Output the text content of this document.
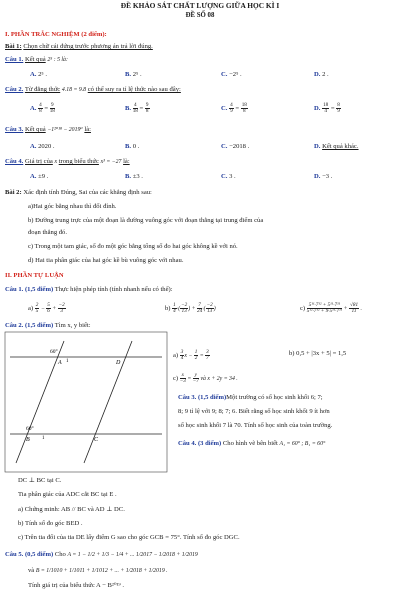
ĐỀ KHẢO SÁT CHẤT LƯỢNG GIỮA HỌC KÌ I
ĐỀ SỐ 08
I. PHẦN TRẮC NGHIỆM (2 điểm):
Bài 1: Chọn chữ cái đứng trước phương án trả lời đúng.
Câu 1. Kết quả 2⁵ : 5 là:
A. 2⁵ .	B. 2⁵ .	C. −2⁵ .	D. 2 .
Câu 2. Từ đẳng thức 4.18 = 9.8 có thể suy ra tỉ lệ thức nào sau đây:
A. $\frac{4}{8} = \frac{9}{18}$	B. $\frac{4}{18} = \frac{9}{8}$	C. $\frac{4}{9} = \frac{18}{8}$	D. $\frac{18}{4} = \frac{8}{9}$
Câu 3. Kết quả −1²⁰¹⁸ − 2019⁰ là:
A. 2020 .	B. 0 .	C. −2018 .	D. Kết quả khác.
Câu 4. Giá trị của x trong biểu thức x³ = −27 là:
A. ±9 .	B. ±3 .	C. 3 .	D. −3 .
Bài 2: Xác định tính Đúng, Sai của các khẳng định sau:
a)Hai góc bằng nhau thì đối đỉnh.
b) Đường trung trực của một đoạn là đường vuông góc với đoạn thẳng tại trung điểm của
đoạn thẳng đó.
c) Trong một tam giác, số đo một góc bằng tổng số đo hai góc không kề với nó.
d) Hai tia phân giác của hai góc kề bù vuông góc với nhau.
II. PHẦN TỰ LUẬN
Câu 1. (1,5 điểm) Thực hiện phép tính (tính nhanh nếu có thể):
$a) \frac{2}{5} - \frac{5}{6} + \frac{-2}{3}$	$b) \frac{1}{4}$ ·( $\frac{-2}{13}$ ) + $\frac{7}{24}$ ·( $\frac{-2}{13}$ )	$c) \frac{\text{5¹¹·7¹² + 5¹¹·7¹¹}}{\text{5¹²·7¹² + 9·5¹¹·7¹¹}} + \frac{√81}{11}$ .
Câu 2. (1,5 điểm) Tìm x, y biết:
60°
60°
1
1
A	D
B	C
$a) \frac{3}{4}$ $x - \frac{1}{2} = \frac{3}{7}$	b) 0,5 + |3x + 5| = 1,5
$c) \frac{x}{-3} = \frac{y}{-7}$ và x + 2y = 34 .
Câu 3. (1,5 điểm)Một trường có số học sinh khối 6; 7;
8; 9 tỉ lệ với 9; 8; 7; 6. Biết rằng số học sinh khối 9 ít hơn
số học sinh khối 7 là 70. Tính số học sinh của toàn trường.
Câu 4. (3 điểm) Cho hình vẽ bên biết A₁ = 60° ; B₁ = 60°
DC ⊥ BC tại C.
Tia phân giác của ADC cắt BC tại E .
a) Chứng minh: AB // BC và AD ⊥ DC.
b) Tính số đo góc BED .
c) Trên tia đối của tia DE lấy điểm G sao cho góc GCB = 75°. Tính số đo góc DGC.
Câu 5. (0,5 điểm) Cho A = 1 − 1/2 + 1/3 − 1/4 + ... 1/2017 − 1/2018 + 1/2019
và B = 1/1010 + 1/1011 + 1/1012 + ... + 1/2018 + 1/2019 .
Tính giá trị của biểu thức A − B²⁰¹⁹ .
